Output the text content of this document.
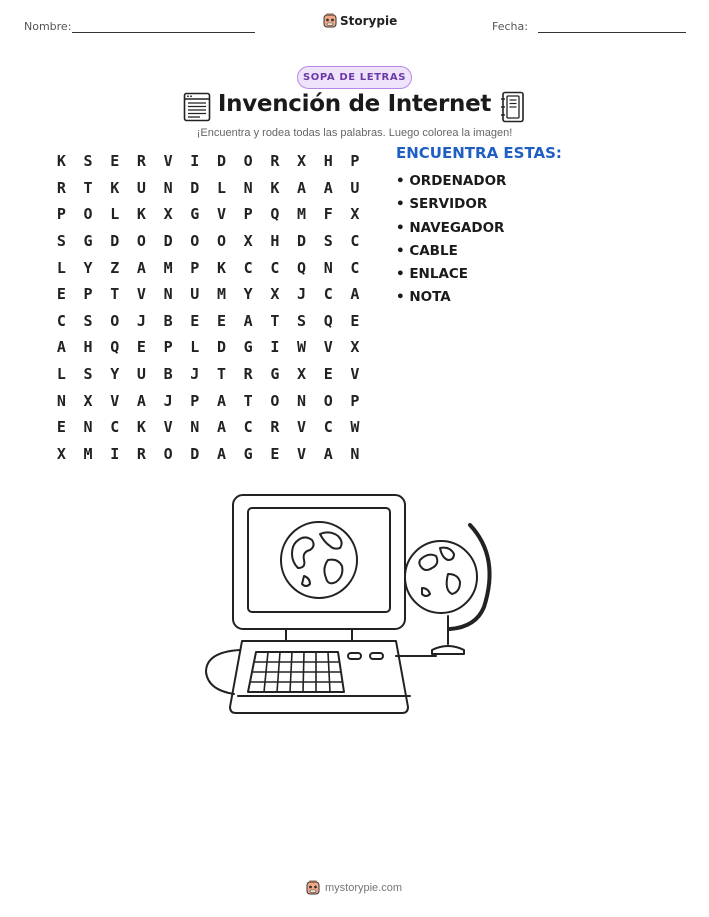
Nombre:	Storypie	Fecha:
SOPA DE LETRAS
Invención de Internet
¡Encuentra y rodea todas las palabras. Luego colorea la imagen!
K	S	E	R	V	I	D	O	R	X	H	P
R	T	K	U	N	D	L	N	K	A	A	U
P	O	L	K	X	G	V	P	Q	M	F	X
S	G	D	O	D	O	O	X	H	D	S	C
L	Y	Z	A	M	P	K	C	C	Q	N	C
E	P	T	V	N	U	M	Y	X	J	C	A
C	S	O	J	B	E	E	A	T	S	Q	E
A	H	Q	E	P	L	D	G	I	W	V	X
L	S	Y	U	B	J	T	R	G	X	E	V
N	X	V	A	J	P	A	T	O	N	O	P
E	N	C	K	V	N	A	C	R	V	C	W
X	M	I	R	O	D	A	G	E	V	A	N
ENCUENTRA ESTAS:
• ORDENADOR
• SERVIDOR
• NAVEGADOR
• CABLE
• ENLACE
• NOTA
mystorypie.com
